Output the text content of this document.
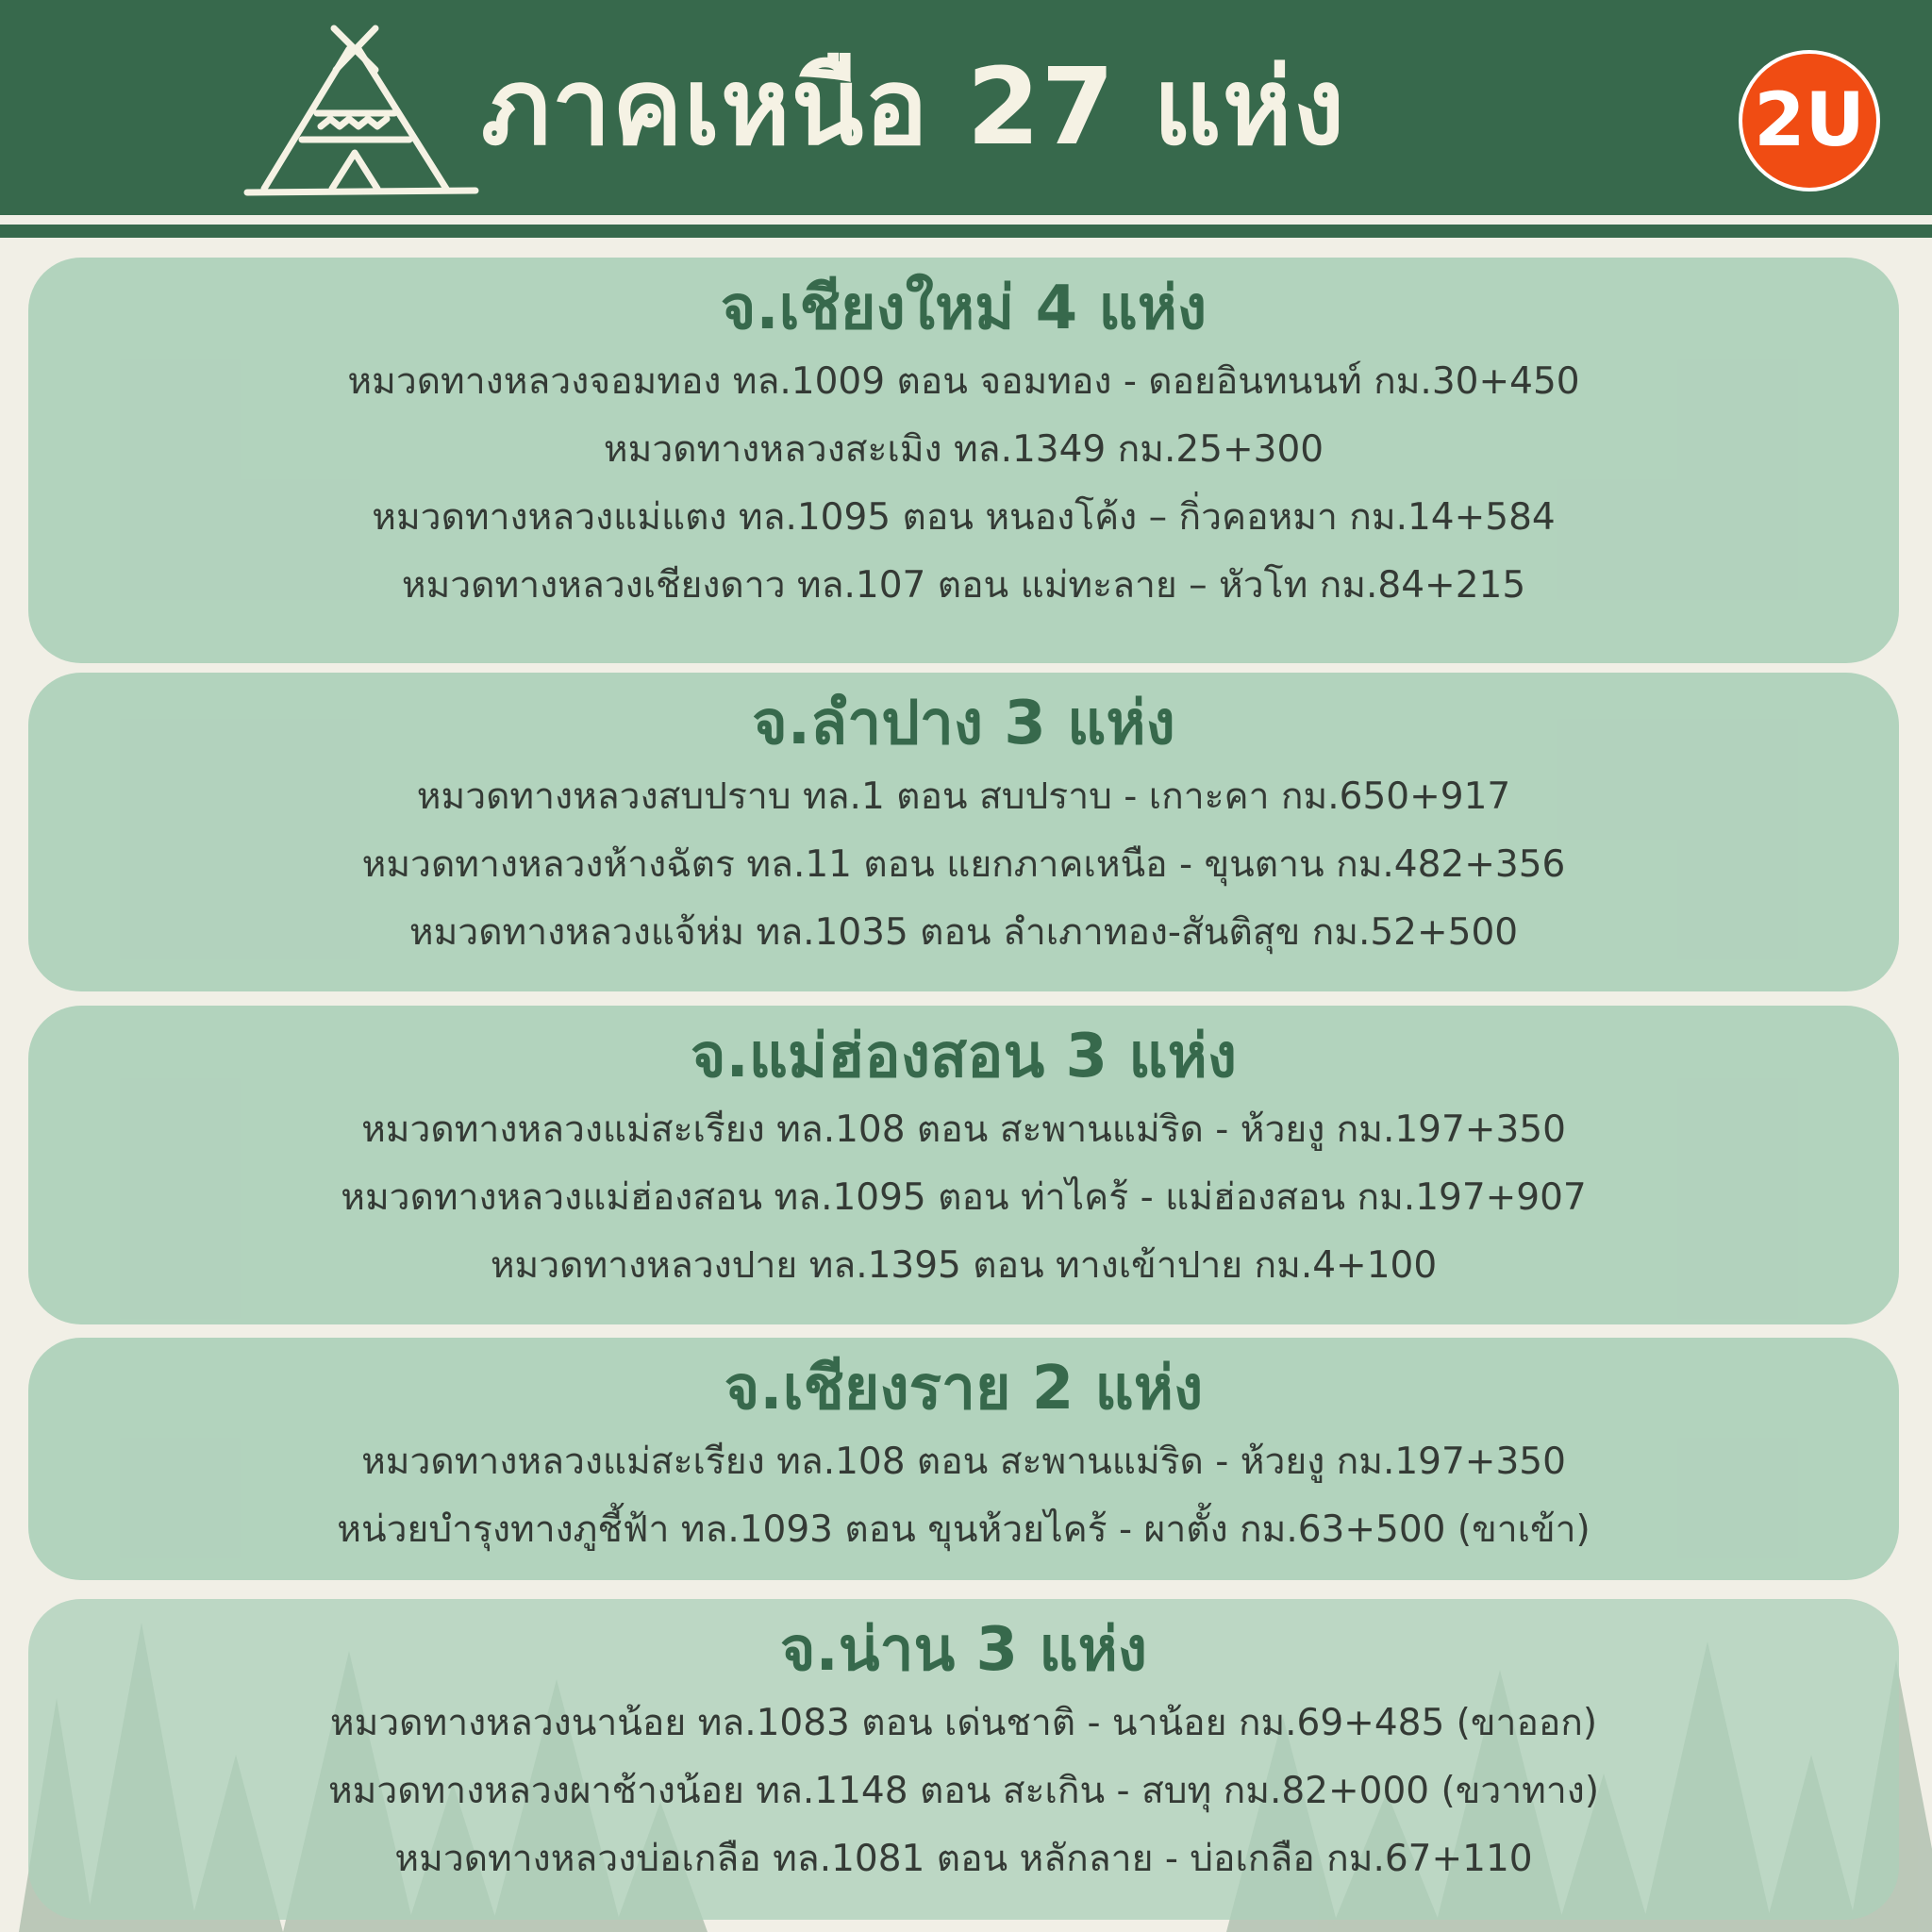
ภาคเหนือ 27 แห่ง	2U
จ.เชียงใหม่ 4 แห่ง
หมวดทางหลวงจอมทอง ทล.1009 ตอน จอมทอง - ดอยอินทนนท์ กม.30+450
หมวดทางหลวงสะเมิง ทล.1349 กม.25+300
หมวดทางหลวงแม่แตง ทล.1095 ตอน หนองโค้ง – กิ่วคอหมา กม.14+584
หมวดทางหลวงเชียงดาว ทล.107 ตอน แม่ทะลาย – หัวโท กม.84+215
จ.ลำปาง 3 แห่ง
หมวดทางหลวงสบปราบ ทล.1 ตอน สบปราบ - เกาะคา กม.650+917
หมวดทางหลวงห้างฉัตร ทล.11 ตอน แยกภาคเหนือ - ขุนตาน กม.482+356
หมวดทางหลวงแจ้ห่ม ทล.1035 ตอน ลำเภาทอง-สันติสุข กม.52+500
จ.แม่ฮ่องสอน 3 แห่ง
หมวดทางหลวงแม่สะเรียง ทล.108 ตอน สะพานแม่ริด - ห้วยงู กม.197+350
หมวดทางหลวงแม่ฮ่องสอน ทล.1095 ตอน ท่าไคร้ - แม่ฮ่องสอน กม.197+907
หมวดทางหลวงปาย ทล.1395 ตอน ทางเข้าปาย กม.4+100
จ.เชียงราย 2 แห่ง
หมวดทางหลวงแม่สะเรียง ทล.108 ตอน สะพานแม่ริด - ห้วยงู กม.197+350
หน่วยบำรุงทางภูชี้ฟ้า ทล.1093 ตอน ขุนห้วยไคร้ - ผาตั้ง กม.63+500 (ขาเข้า)
จ.น่าน 3 แห่ง
หมวดทางหลวงนาน้อย ทล.1083 ตอน เด่นชาติ - นาน้อย กม.69+485 (ขาออก)
หมวดทางหลวงผาช้างน้อย ทล.1148 ตอน สะเกิน - สบทุ กม.82+000 (ขวาทาง)
หมวดทางหลวงบ่อเกลือ ทล.1081 ตอน หลักลาย - บ่อเกลือ กม.67+110
